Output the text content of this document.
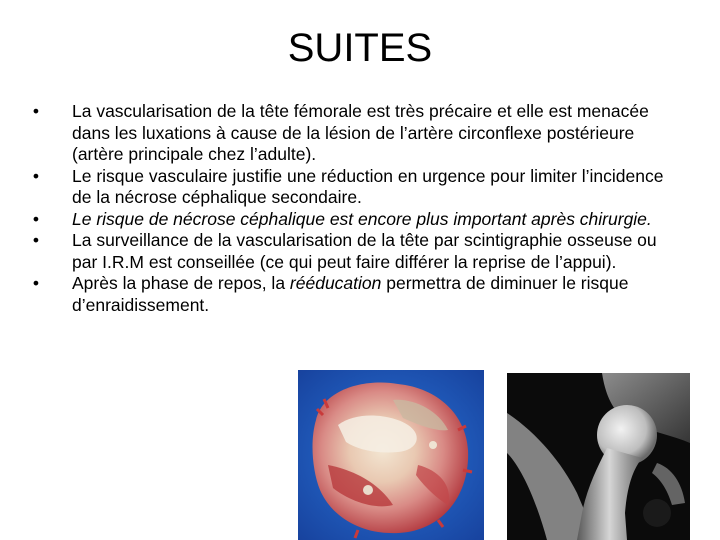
SUITES
• La vascularisation de la tête fémorale est très précaire et elle est menacée dans les luxations à cause de la lésion de l’artère circonflexe postérieure (artère principale chez l’adulte).
• Le risque vasculaire justifie une réduction en urgence pour limiter l’incidence de la nécrose céphalique secondaire.
• Le risque de nécrose céphalique est encore plus important après chirurgie.
• La surveillance de la vascularisation de la tête par scintigraphie osseuse ou par I.R.M est conseillée (ce qui peut faire différer la reprise de l’appui).
• Après la phase de repos, la rééducation permettra de diminuer le risque d’enraidissement.
